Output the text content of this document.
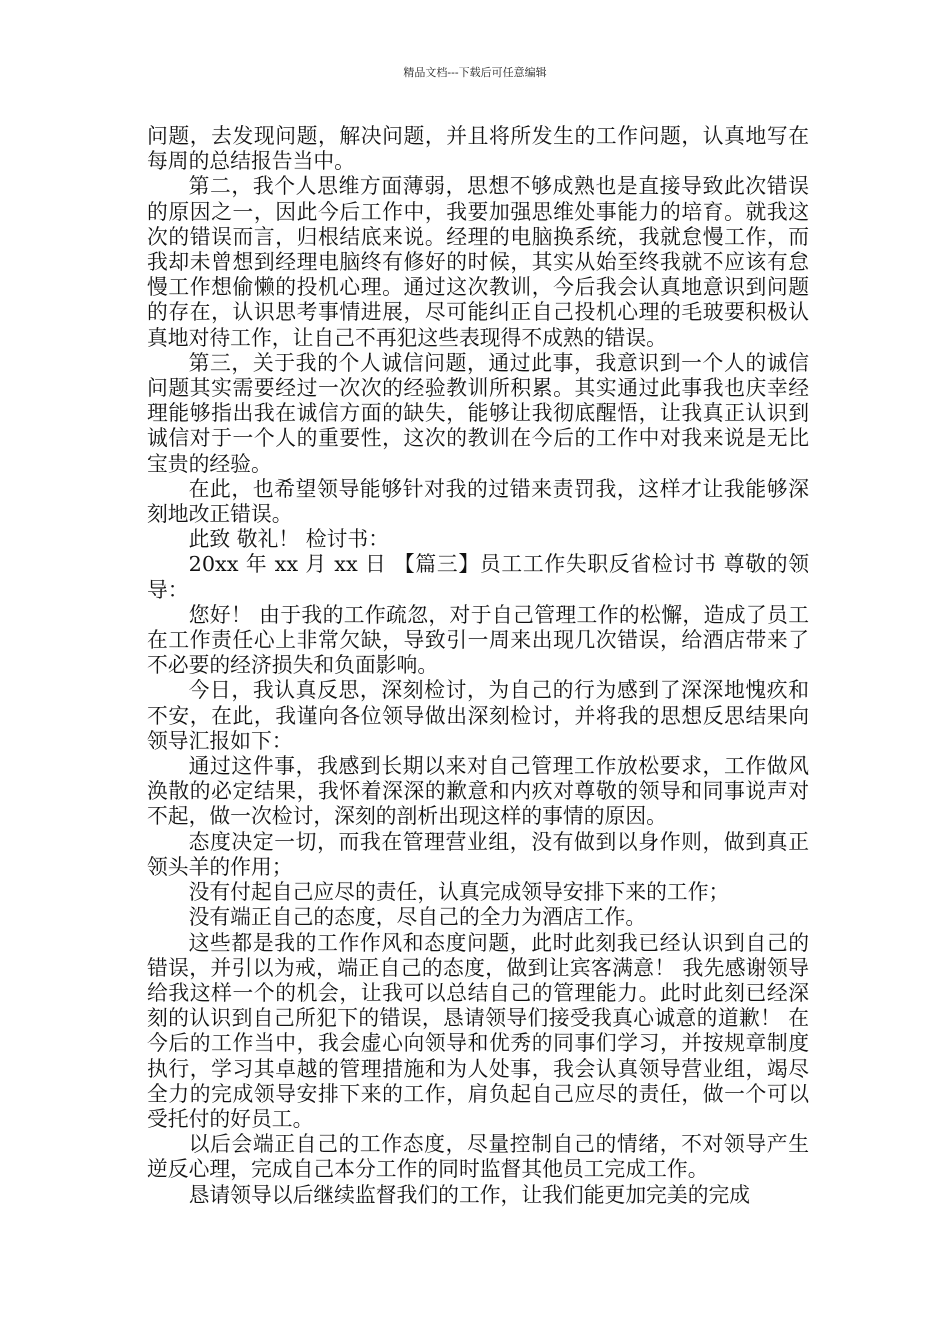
精品文档---下载后可任意编辑

问题，去发现问题，解决问题，并且将所发生的工作问题，认真地写在每周的总结报告当中。

第二，我个人思维方面薄弱，思想不够成熟也是直接导致此次错误的原因之一，因此今后工作中，我要加强思维处事能力的培育。就我这次的错误而言，归根结底来说。经理的电脑换系统，我就怠慢工作，而我却未曾想到经理电脑终有修好的时候，其实从始至终我就不应该有怠慢工作想偷懒的投机心理。通过这次教训，今后我会认真地意识到问题的存在，认识思考事情进展，尽可能纠正自己投机心理的毛玻要积极认真地对待工作，让自己不再犯这些表现得不成熟的错误。

第三，关于我的个人诚信问题，通过此事，我意识到一个人的诚信问题其实需要经过一次次的经验教训所积累。其实通过此事我也庆幸经理能够指出我在诚信方面的缺失，能够让我彻底醒悟，让我真正认识到诚信对于一个人的重要性，这次的教训在今后的工作中对我来说是无比宝贵的经验。

在此，也希望领导能够针对我的过错来责罚我，这样才让我能够深刻地改正错误。

此致 敬礼！ 检讨书：

20xx 年 xx 月 xx 日 【篇三】员工工作失职反省检讨书 尊敬的领导：

您好！ 由于我的工作疏忽，对于自己管理工作的松懈，造成了员工在工作责任心上非常欠缺，导致引一周来出现几次错误，给酒店带来了不必要的经济损失和负面影响。

今日，我认真反思，深刻检讨，为自己的行为感到了深深地愧疚和不安，在此，我谨向各位领导做出深刻检讨，并将我的思想反思结果向领导汇报如下：

通过这件事，我感到长期以来对自己管理工作放松要求，工作做风涣散的必定结果，我怀着深深的歉意和内疚对尊敬的领导和同事说声对不起，做一次检讨，深刻的剖析出现这样的事情的原因。

态度决定一切，而我在管理营业组，没有做到以身作则，做到真正领头羊的作用；

没有付起自己应尽的责任，认真完成领导安排下来的工作；

没有端正自己的态度，尽自己的全力为酒店工作。

这些都是我的工作作风和态度问题，此时此刻我已经认识到自己的错误，并引以为戒，端正自己的态度，做到让宾客满意！ 我先感谢领导给我这样一个的机会，让我可以总结自己的管理能力。此时此刻已经深刻的认识到自己所犯下的错误，恳请领导们接受我真心诚意的道歉！ 在今后的工作当中，我会虚心向领导和优秀的同事们学习，并按规章制度执行，学习其卓越的管理措施和为人处事，我会认真领导营业组，竭尽全力的完成领导安排下来的工作，肩负起自己应尽的责任，做一个可以受托付的好员工。

以后会端正自己的工作态度，尽量控制自己的情绪，不对领导产生逆反心理，完成自己本分工作的同时监督其他员工完成工作。

恳请领导以后继续监督我们的工作，让我们能更加完美的完成
